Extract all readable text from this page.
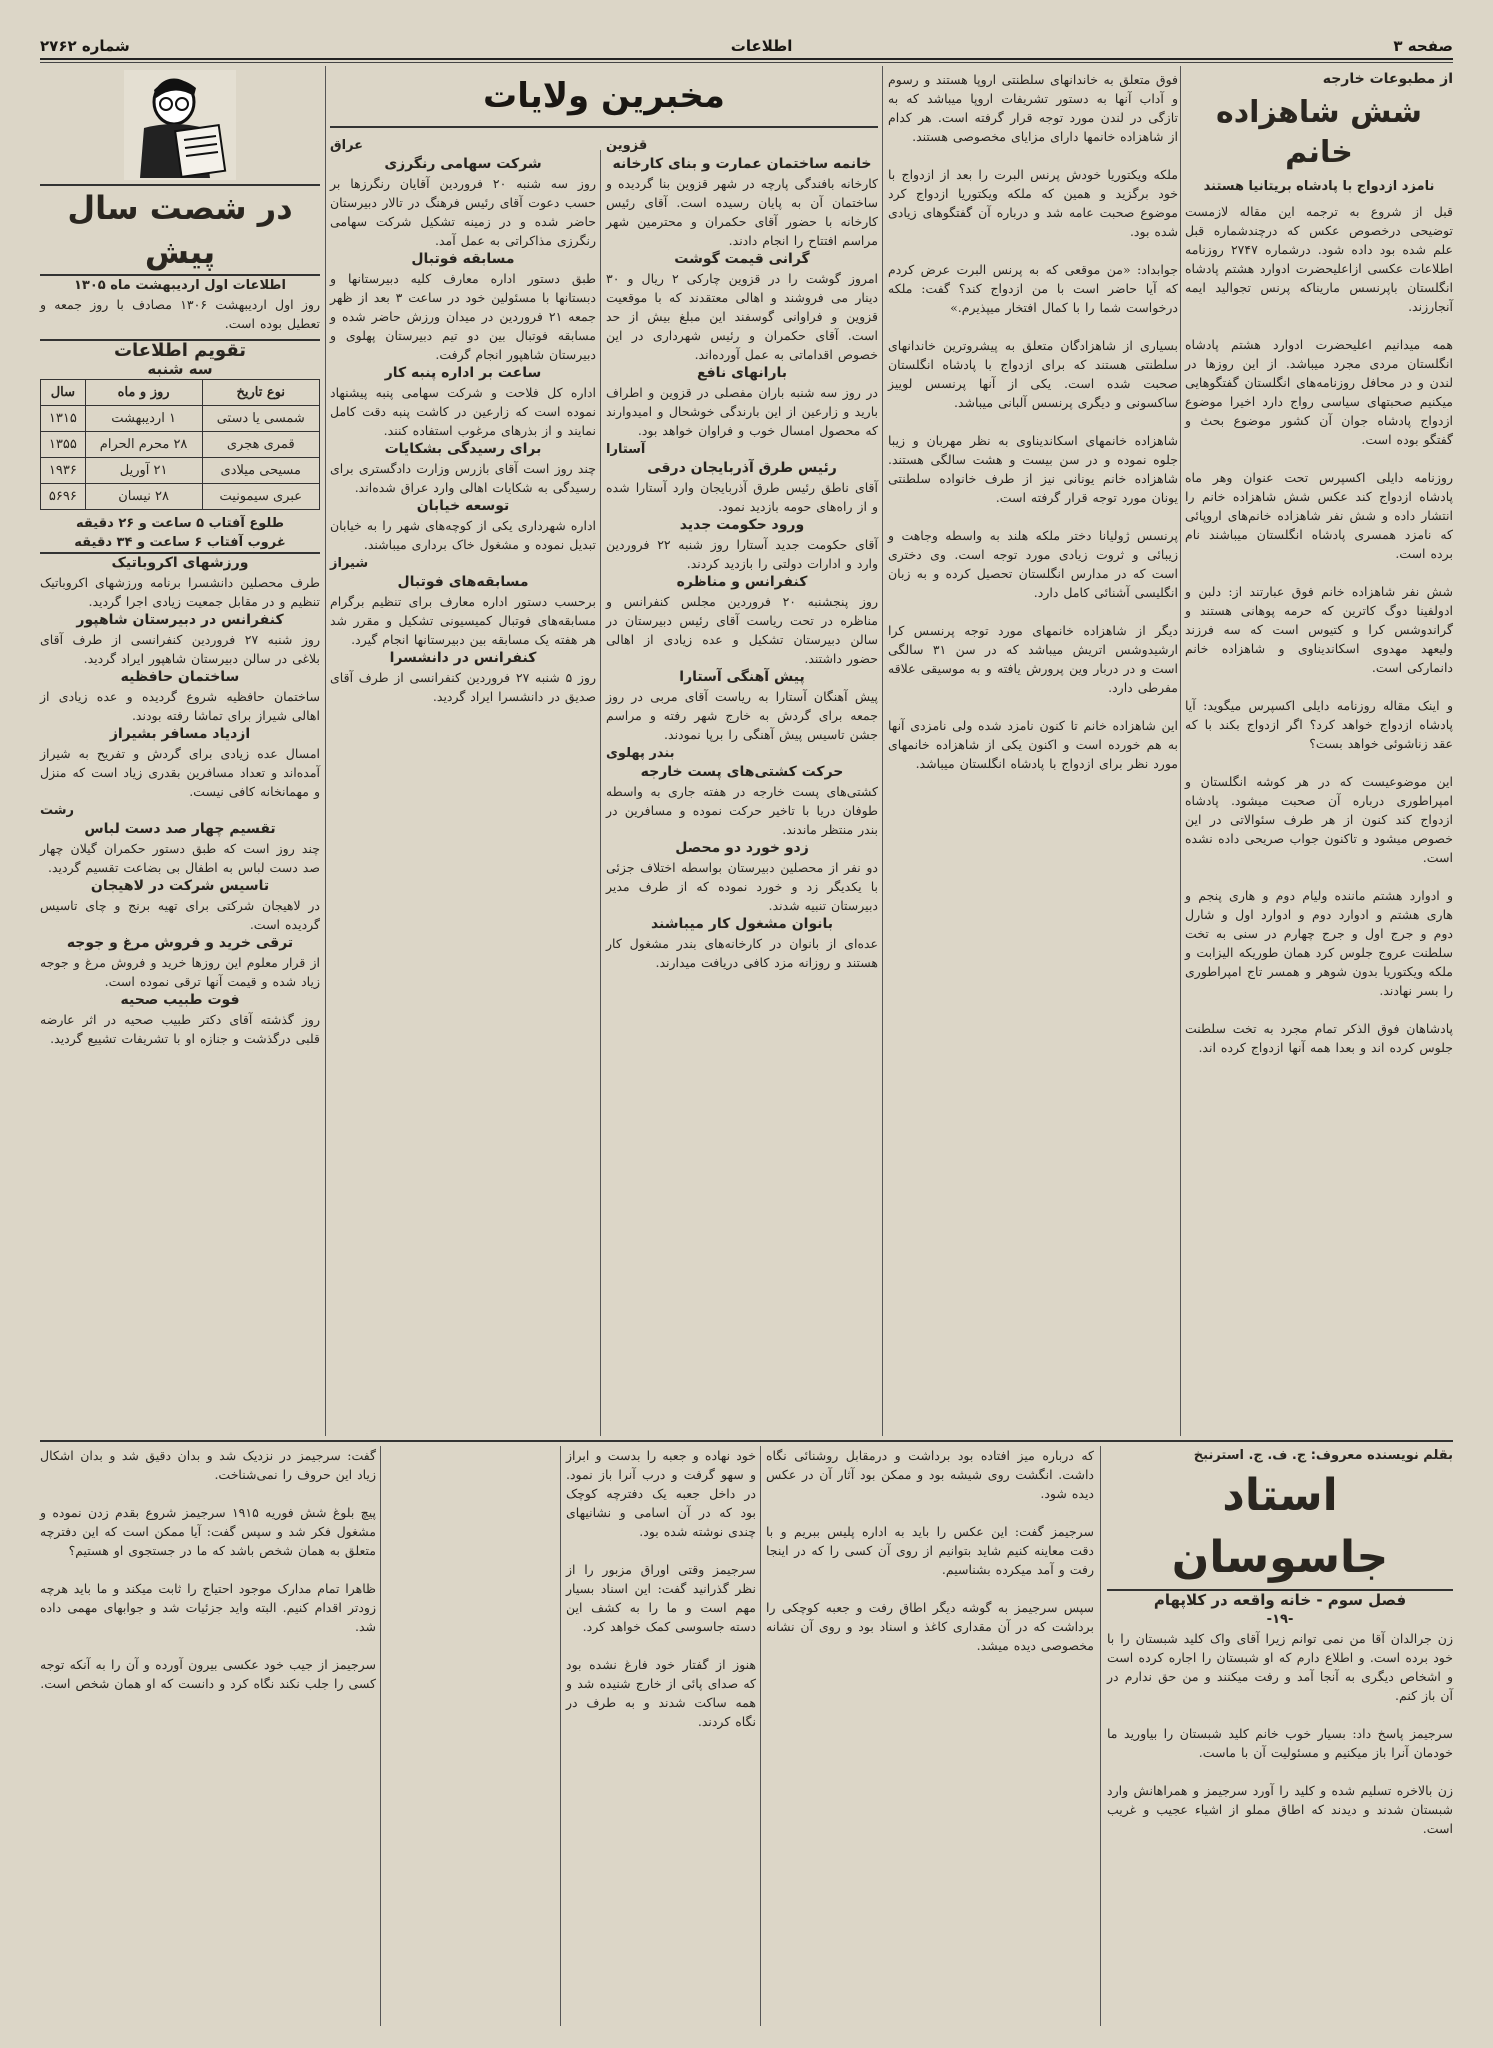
صفحه ۳
اطلاعات
شماره ۲۷۶۲
از مطبوعات خارجه
شش شاهزاده خانم
نامزد ازدواج با پادشاه بریتانیا هستند
قبل از شروع به ترجمه این مقاله لازمست توضیحی درخصوص عکس که درچندشماره قبل علم شده بود داده شود. درشماره ۲۷۴۷ روزنامه اطلاعات عکسی ازاعلیحضرت ادوارد هشتم پادشاه انگلستان باپرنسس ماریناکه پرنس تجوالید ایمه آنجارزند.

همه میدانیم اعلیحضرت ادوارد هشتم پادشاه انگلستان مردی مجرد میباشد. از این روزها در لندن و در محافل روزنامه‌های انگلستان گفتگوهایی میکنیم صحبتهای سیاسی رواج دارد اخیرا موضوع ازدواج پادشاه جوان آن کشور موضوع بحث و گفتگو بوده است.

روزنامه دایلی اکسپرس تحت عنوان وهر ماه پادشاه ازدواج کند عکس شش شاهزاده خانم را انتشار داده و شش نفر شاهزاده خانم‌های اروپائی که نامزد همسری پادشاه انگلستان میباشند نام برده است.

شش نفر شاهزاده خانم فوق عبارتند از: دلبن و ادولفینا دوگ کاترین که حرمه پوهانی هستند و گراندوشس کرا و کتیوس است که سه فرزند ولیعهد مهدوی اسکاندیناوی و شاهزاده خانم دانمارکی است.

و اینک مقاله روزنامه دایلی اکسپرس میگوید: آیا پادشاه ازدواج خواهد کرد؟ اگر ازدواج بکند با که عقد زناشوئی خواهد بست؟

این موضوعیست که در هر کوشه انگلستان و امپراطوری درباره آن صحبت میشود. پادشاه ازدواج کند کنون از هر طرف سئوالاتی در این خصوص میشود و تاکنون جواب صریحی داده نشده است.

و ادوارد هشتم ماننده ولیام دوم و هاری پنجم و هاری هشتم و ادوارد دوم و ادوارد اول و شارل دوم و جرج اول و جرج چهارم در سنی به تخت سلطنت عروج جلوس کرد همان طوریکه الیزابت و ملکه ویکتوریا بدون شوهر و همسر تاج امپراطوری را بسر نهادند.

پادشاهان فوق الذکر تمام مجرد به تخت سلطنت جلوس کرده اند و بعدا همه آنها ازدواج کرده اند.
فوق متعلق به خاندانهای سلطنتی اروپا هستند و رسوم و آداب آنها به دستور تشریفات اروپا میباشد که به تازگی در لندن مورد توجه قرار گرفته است. هر کدام از شاهزاده خانمها دارای مزایای مخصوصی هستند.

ملکه ویکتوریا خودش پرنس البرت را بعد از ازدواج با خود برگزید و همین که ملکه ویکتوریا ازدواج کرد موضوع صحبت عامه شد و درباره آن گفتگوهای زیادی شده بود.

جوابداد: «من موقعی که به پرنس البرت عرض کردم که آیا حاضر است با من ازدواج کند؟ گفت: ملکه درخواست شما را با کمال افتخار میپذیرم.»

بسیاری از شاهزادگان متعلق به پیشروترین خاندانهای سلطنتی هستند که برای ازدواج با پادشاه انگلستان صحبت شده است. یکی از آنها پرنسس لوییز ساکسونی و دیگری پرنسس آلبانی میباشد.

شاهزاده خانمهای اسکاندیناوی به نظر مهربان و زیبا جلوه نموده و در سن بیست و هشت سالگی هستند. شاهزاده خانم یونانی نیز از طرف خانواده سلطنتی یونان مورد توجه قرار گرفته است.

پرنسس ژولیانا دختر ملکه هلند به واسطه وجاهت و زیبائی و ثروت زیادی مورد توجه است. وی دختری است که در مدارس انگلستان تحصیل کرده و به زبان انگلیسی آشنائی کامل دارد.

دیگر از شاهزاده خانمهای مورد توجه پرنسس کرا ارشیدوشس اتریش میباشد که در سن ۳۱ سالگی است و در دربار وین پرورش یافته و به موسیقی علاقه مفرطی دارد.

این شاهزاده خانم تا کنون نامزد شده ولی نامزدی آنها به هم خورده است و اکنون یکی از شاهزاده خانمهای مورد نظر برای ازدواج با پادشاه انگلستان میباشد.
مخبرین ولایات
قزوین
خانمه ساختمان عمارت و بنای کارخانه
کارخانه بافندگی پارچه در شهر قزوین بنا گردیده و ساختمان آن به پایان رسیده است. آقای رئیس کارخانه با حضور آقای حکمران و محترمین شهر مراسم افتتاح را انجام دادند.
گرانی قیمت گوشت
امروز گوشت را در قزوین چارکی ۲ ریال و ۳۰ دینار می فروشند و اهالی معتقدند که با موقعیت قزوین و فراوانی گوسفند این مبلغ بیش از حد است. آقای حکمران و رئیس شهرداری در این خصوص اقداماتی به عمل آورده‌اند.
بارانهای نافع
در روز سه شنبه باران مفصلی در قزوین و اطراف بارید و زارعین از این بارندگی خوشحال و امیدوارند که محصول امسال خوب و فراوان خواهد بود.
آستارا
رئیس طرق آذربایجان درقی
آقای ناطق رئیس طرق آذربایجان وارد آستارا شده و از راه‌های حومه بازدید نمود.
ورود حکومت جدید
آقای حکومت جدید آستارا روز شنبه ۲۲ فروردین وارد و ادارات دولتی را بازدید کردند.
کنفرانس و مناظره
روز پنجشنبه ۲۰ فروردین مجلس کنفرانس و مناظره در تحت ریاست آقای رئیس دبیرستان در سالن دبیرستان تشکیل و عده زیادی از اهالی حضور داشتند.
پیش آهنگی آستارا
پیش آهنگان آستارا به ریاست آقای مربی در روز جمعه برای گردش به خارج شهر رفته و مراسم جشن تاسیس پیش آهنگی را برپا نمودند.
بندر پهلوی
حرکت کشتی‌های پست خارجه
کشتی‌های پست خارجه در هفته جاری به واسطه طوفان دریا با تاخیر حرکت نموده و مسافرین در بندر منتظر ماندند.
زدو خورد دو محصل
دو نفر از محصلین دبیرستان بواسطه اختلاف جزئی با یکدیگر زد و خورد نموده که از طرف مدیر دبیرستان تنبیه شدند.
بانوان مشغول کار میباشند
عده‌ای از بانوان در کارخانه‌های بندر مشغول کار هستند و روزانه مزد کافی دریافت میدارند.
عراق
شرکت سهامی رنگرزی
روز سه شنبه ۲۰ فروردین آقایان رنگرزها بر حسب دعوت آقای رئیس فرهنگ در تالار دبیرستان حاضر شده و در زمینه تشکیل شرکت سهامی رنگرزی مذاکراتی به عمل آمد.
مسابقه فوتبال
طبق دستور اداره معارف کلیه دبیرستانها و دبستانها با مسئولین خود در ساعت ۳ بعد از ظهر جمعه ۲۱ فروردین در میدان ورزش حاضر شده و مسابقه فوتبال بین دو تیم دبیرستان پهلوی و دبیرستان شاهپور انجام گرفت.
ساعت بر اداره پنبه کار
اداره کل فلاحت و شرکت سهامی پنبه پیشنهاد نموده است که زارعین در کاشت پنبه دقت کامل نمایند و از بذرهای مرغوب استفاده کنند.
برای رسیدگی بشکایات
چند روز است آقای بازرس وزارت دادگستری برای رسیدگی به شکایات اهالی وارد عراق شده‌اند.
توسعه خیابان
اداره شهرداری یکی از کوچه‌های شهر را به خیابان تبدیل نموده و مشغول خاک برداری میباشند.
شیراز
مسابقه‌های فوتبال
برحسب دستور اداره معارف برای تنظیم برگرام مسابقه‌های فوتبال کمیسیونی تشکیل و مقرر شد هر هفته یک مسابقه بین دبیرستانها انجام گیرد.
کنفرانس در دانشسرا
روز ۵ شنبه ۲۷ فروردین کنفرانسی از طرف آقای صدیق در دانشسرا ایراد گردید.
در شصت سال پیش
اطلاعات اول اردیبهشت ماه ۱۳۰۵
روز اول اردیبهشت ۱۳۰۶ مصادف با روز جمعه و تعطیل بوده است.
تقویم اطلاعات
سه شنبه
نوع تاریخ	روز و ماه	سال
شمسی یا دستی	۱ اردیبهشت	۱۳۱۵
قمری هجری	۲۸ محرم الحرام	۱۳۵۵
مسیحی میلادی	۲۱ آوریل	۱۹۳۶
عبری سیمونیت	۲۸ نیسان	۵۶۹۶
طلوع آفتاب ۵ ساعت و ۲۶ دقیقه
غروب آفتاب ۶ ساعت و ۳۴ دقیقه
ورزشهای اکروباتیک
طرف محصلین دانشسرا برنامه ورزشهای اکروباتیک تنظیم و در مقابل جمعیت زیادی اجرا گردید.
کنفرانس در دبیرستان شاهپور
روز شنبه ۲۷ فروردین کنفرانسی از طرف آقای بلاغی در سالن دبیرستان شاهپور ایراد گردید.
ساختمان حافظیه
ساختمان حافظیه شروع گردیده و عده زیادی از اهالی شیراز برای تماشا رفته بودند.
ازدیاد مسافر بشیراز
امسال عده زیادی برای گردش و تفریح به شیراز آمده‌اند و تعداد مسافرین بقدری زیاد است که منزل و مهمانخانه کافی نیست.
رشت
تقسیم چهار صد دست لباس
چند روز است که طبق دستور حکمران گیلان چهار صد دست لباس به اطفال بی بضاعت تقسیم گردید.
تاسیس شرکت در لاهیجان
در لاهیجان شرکتی برای تهیه برنج و چای تاسیس گردیده است.
ترقی خرید و فروش مرغ و جوجه
از قرار معلوم این روزها خرید و فروش مرغ و جوجه زیاد شده و قیمت آنها ترقی نموده است.
فوت طبیب صحیه
روز گذشته آقای دکتر طبیب صحیه در اثر عارضه قلبی درگذشت و جنازه او با تشریفات تشییع گردید.
بقلم نویسنده معروف: ج. ف. ج. استرنبخ
استاد جاسوسان
فصل سوم - خانه واقعه در کلاپهام
-۱۹-
زن جرالدان آقا من نمی توانم زیرا آقای واک کلید شبستان را با خود برده است. و اطلاع دارم که او شبستان را اجاره کرده است و اشخاص دیگری به آنجا آمد و رفت میکنند و من حق ندارم در آن باز کنم.

سرجیمز پاسخ داد: بسیار خوب خانم کلید شبستان را بیاورید ما خودمان آنرا باز میکنیم و مسئولیت آن با ماست.

زن بالاخره تسلیم شده و کلید را آورد سرجیمز و همراهانش وارد شبستان شدند و دیدند که اطاق مملو از اشیاء عجیب و غریب است.
که درباره میز افتاده بود برداشت و درمقابل روشنائی نگاه داشت. انگشت روی شیشه بود و ممکن بود آثار آن در عکس دیده شود.

سرجیمز گفت: این عکس را باید به اداره پلیس ببریم و با دقت معاینه کنیم شاید بتوانیم از روی آن کسی را که در اینجا رفت و آمد میکرده بشناسیم.

سپس سرجیمز به گوشه دیگر اطاق رفت و جعبه کوچکی را برداشت که در آن مقداری کاغذ و اسناد بود و روی آن نشانه مخصوصی دیده میشد.
خود نهاده و جعبه را بدست و ابراز و سهو گرفت و درب آنرا باز نمود. در داخل جعبه یک دفترچه کوچک بود که در آن اسامی و نشانیهای چندی نوشته شده بود.

سرجیمز وقتی اوراق مزبور را از نظر گذرانید گفت: این اسناد بسیار مهم است و ما را به کشف این دسته جاسوسی کمک خواهد کرد.

هنوز از گفتار خود فارغ نشده بود که صدای پائی از خارج شنیده شد و همه ساکت شدند و به طرف در نگاه کردند.
گفت: سرجیمز در نزدیک شد و بدان دقیق شد و بدان اشکال زیاد این حروف را نمی‌شناخت.

پیچ بلوغ شش فوریه ۱۹۱۵ سرجیمز شروع بقدم زدن نموده و مشغول فکر شد و سپس گفت: آیا ممکن است که این دفترچه متعلق به همان شخص باشد که ما در جستجوی او هستیم؟

ظاهرا تمام مدارک موجود احتیاج را ثابت میکند و ما باید هرچه زودتر اقدام کنیم. البته واید جزئیات شد و جوابهای مهمی داده شد.

سرجیمز از جیب خود عکسی بیرون آورده و آن را به آنکه توجه کسی را جلب نکند نگاه کرد و دانست که او همان شخص است.
